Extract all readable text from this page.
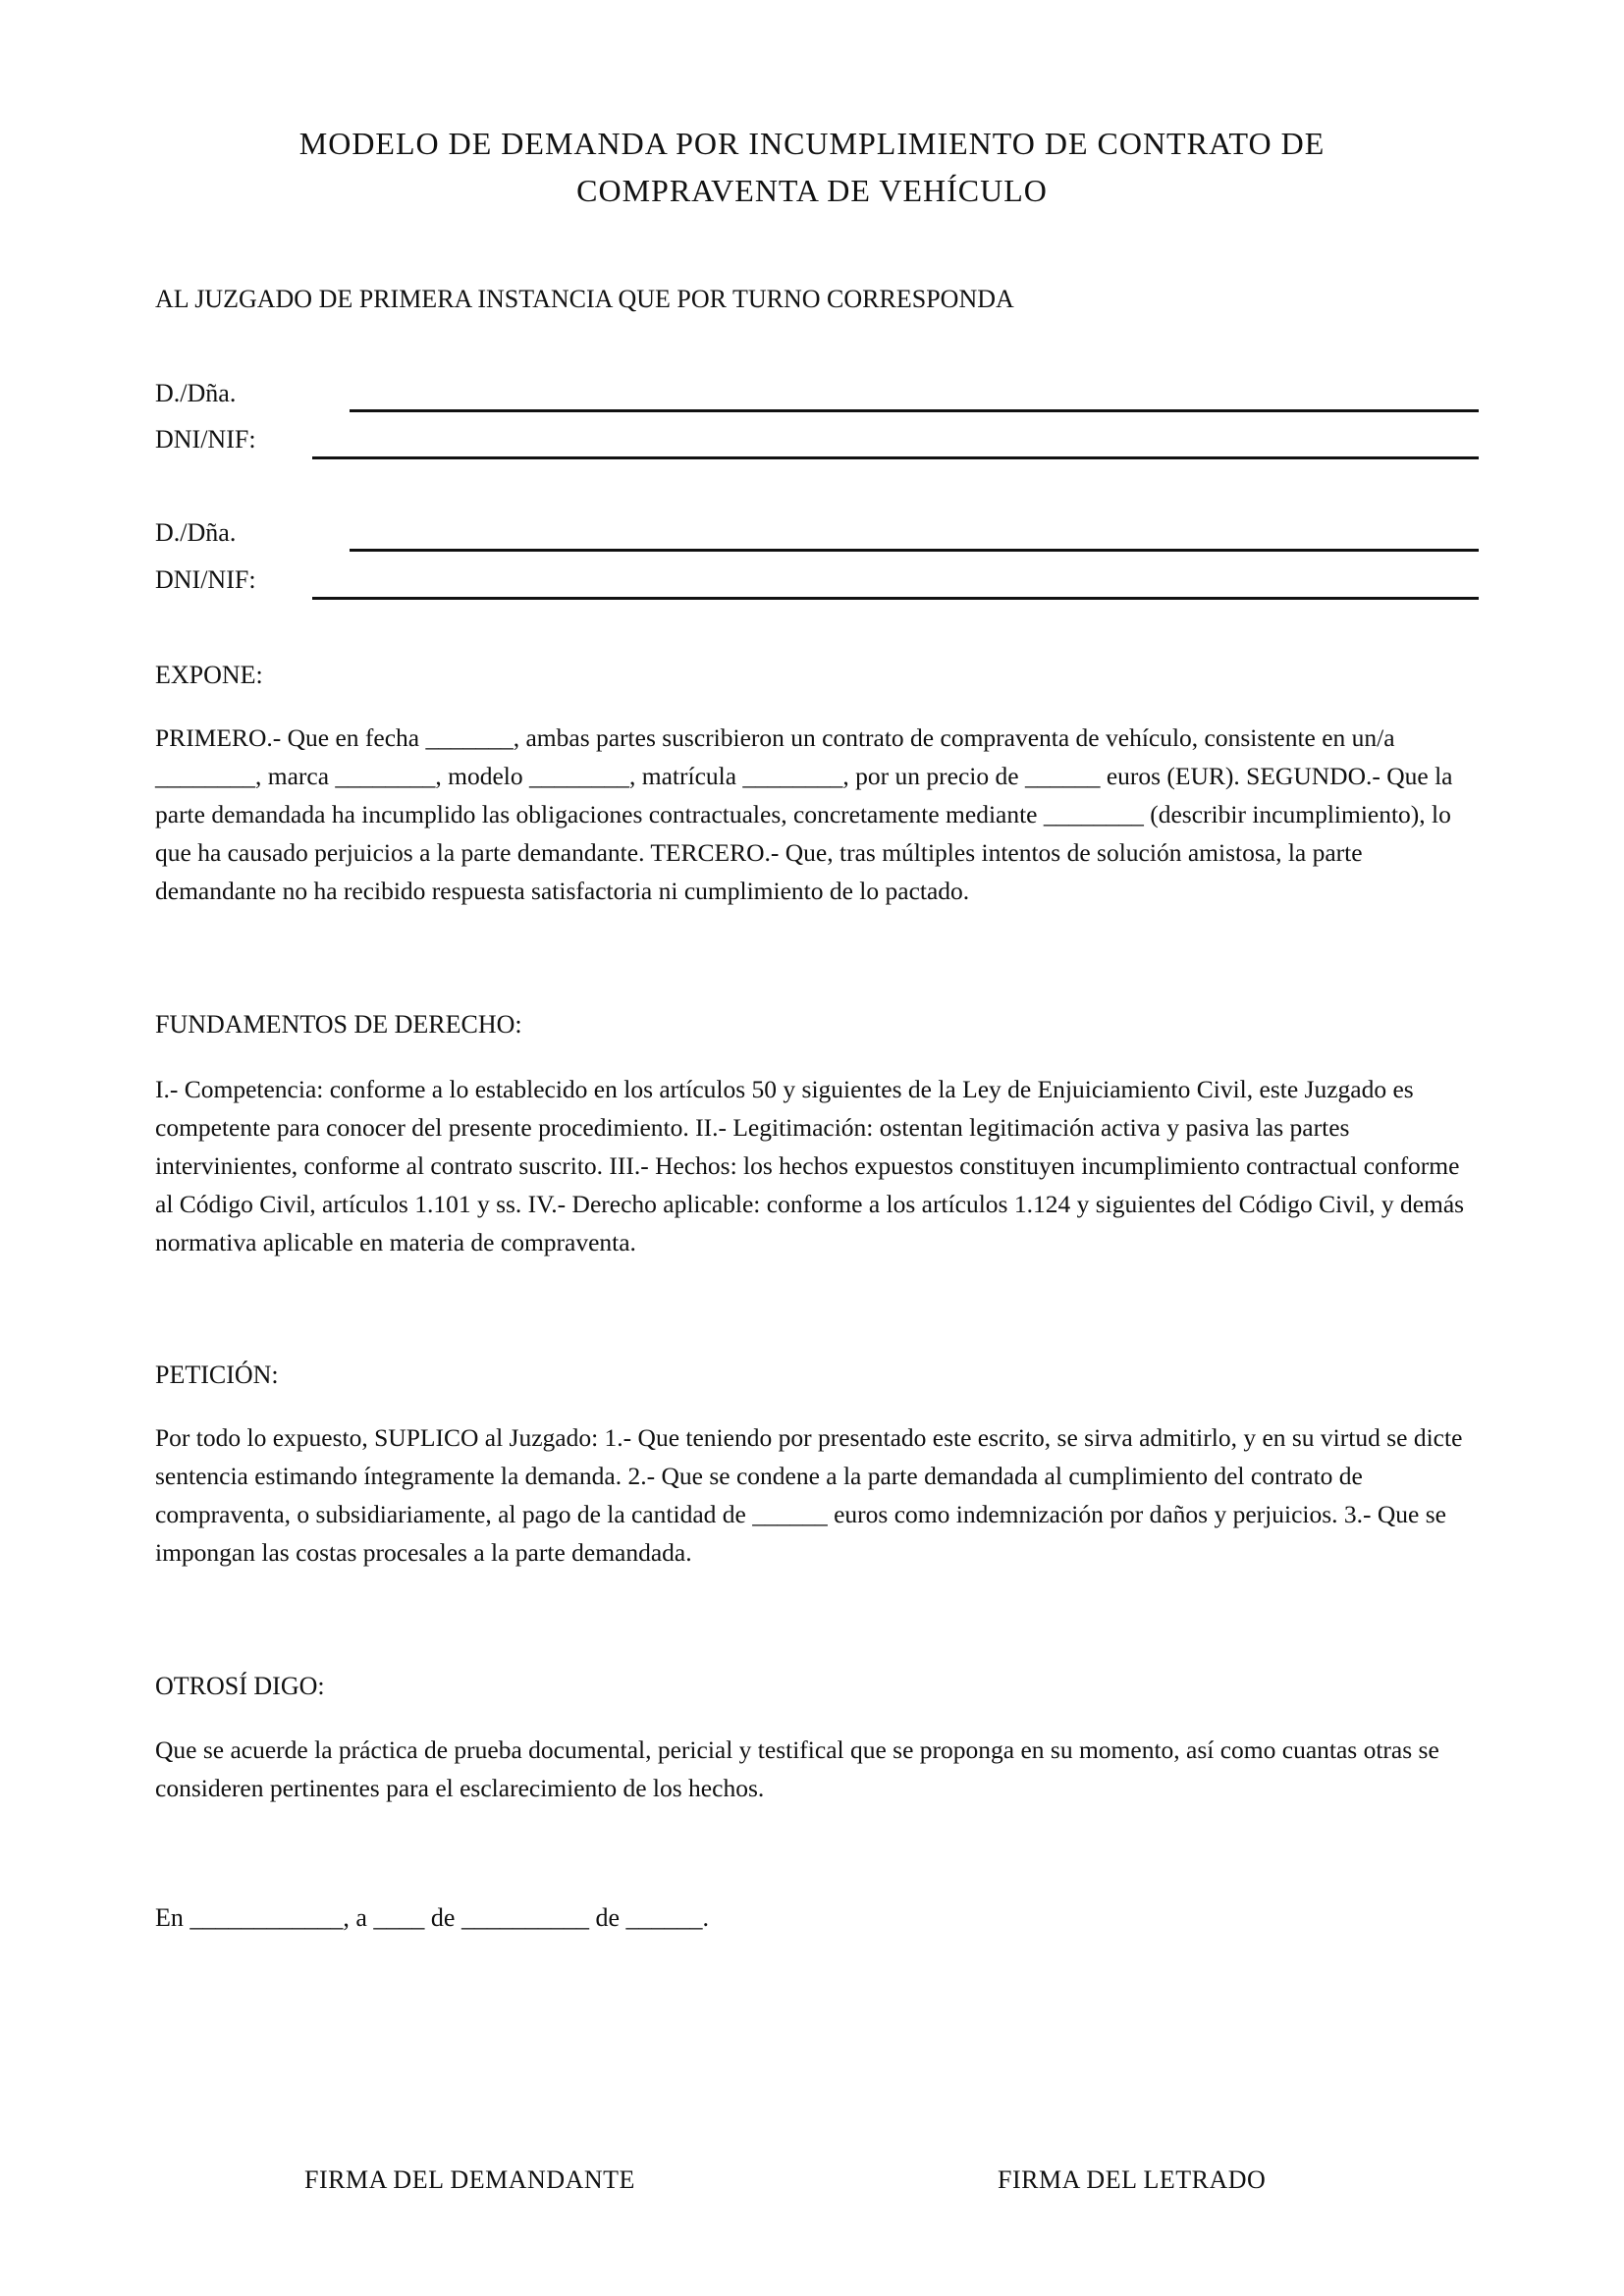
MODELO DE DEMANDA POR INCUMPLIMIENTO DE CONTRATO DE
COMPRAVENTA DE VEHÍCULO
AL JUZGADO DE PRIMERA INSTANCIA QUE POR TURNO CORRESPONDA
D./Dña.
DNI/NIF:
D./Dña.
DNI/NIF:
EXPONE:
PRIMERO.- Que en fecha _______, ambas partes suscribieron un contrato de compraventa de vehículo, consistente en un/a ________, marca ________, modelo ________, matrícula ________, por un precio de ______ euros (EUR). SEGUNDO.- Que la parte demandada ha incumplido las obligaciones contractuales, concretamente mediante ________ (describir incumplimiento), lo que ha causado perjuicios a la parte demandante. TERCERO.- Que, tras múltiples intentos de solución amistosa, la parte demandante no ha recibido respuesta satisfactoria ni cumplimiento de lo pactado.
FUNDAMENTOS DE DERECHO:
I.- Competencia: conforme a lo establecido en los artículos 50 y siguientes de la Ley de Enjuiciamiento Civil, este Juzgado es competente para conocer del presente procedimiento. II.- Legitimación: ostentan legitimación activa y pasiva las partes intervinientes, conforme al contrato suscrito. III.- Hechos: los hechos expuestos constituyen incumplimiento contractual conforme al Código Civil, artículos 1.101 y ss. IV.- Derecho aplicable: conforme a los artículos 1.124 y siguientes del Código Civil, y demás normativa aplicable en materia de compraventa.
PETICIÓN:
Por todo lo expuesto, SUPLICO al Juzgado: 1.- Que teniendo por presentado este escrito, se sirva admitirlo, y en su virtud se dicte sentencia estimando íntegramente la demanda. 2.- Que se condene a la parte demandada al cumplimiento del contrato de compraventa, o subsidiariamente, al pago de la cantidad de ______ euros como indemnización por daños y perjuicios. 3.- Que se impongan las costas procesales a la parte demandada.
OTROSÍ DIGO:
Que se acuerde la práctica de prueba documental, pericial y testifical que se proponga en su momento, así como cuantas otras se consideren pertinentes para el esclarecimiento de los hechos.
En ____________, a ____ de __________ de ______.
FIRMA DEL DEMANDANTE	FIRMA DEL LETRADO
